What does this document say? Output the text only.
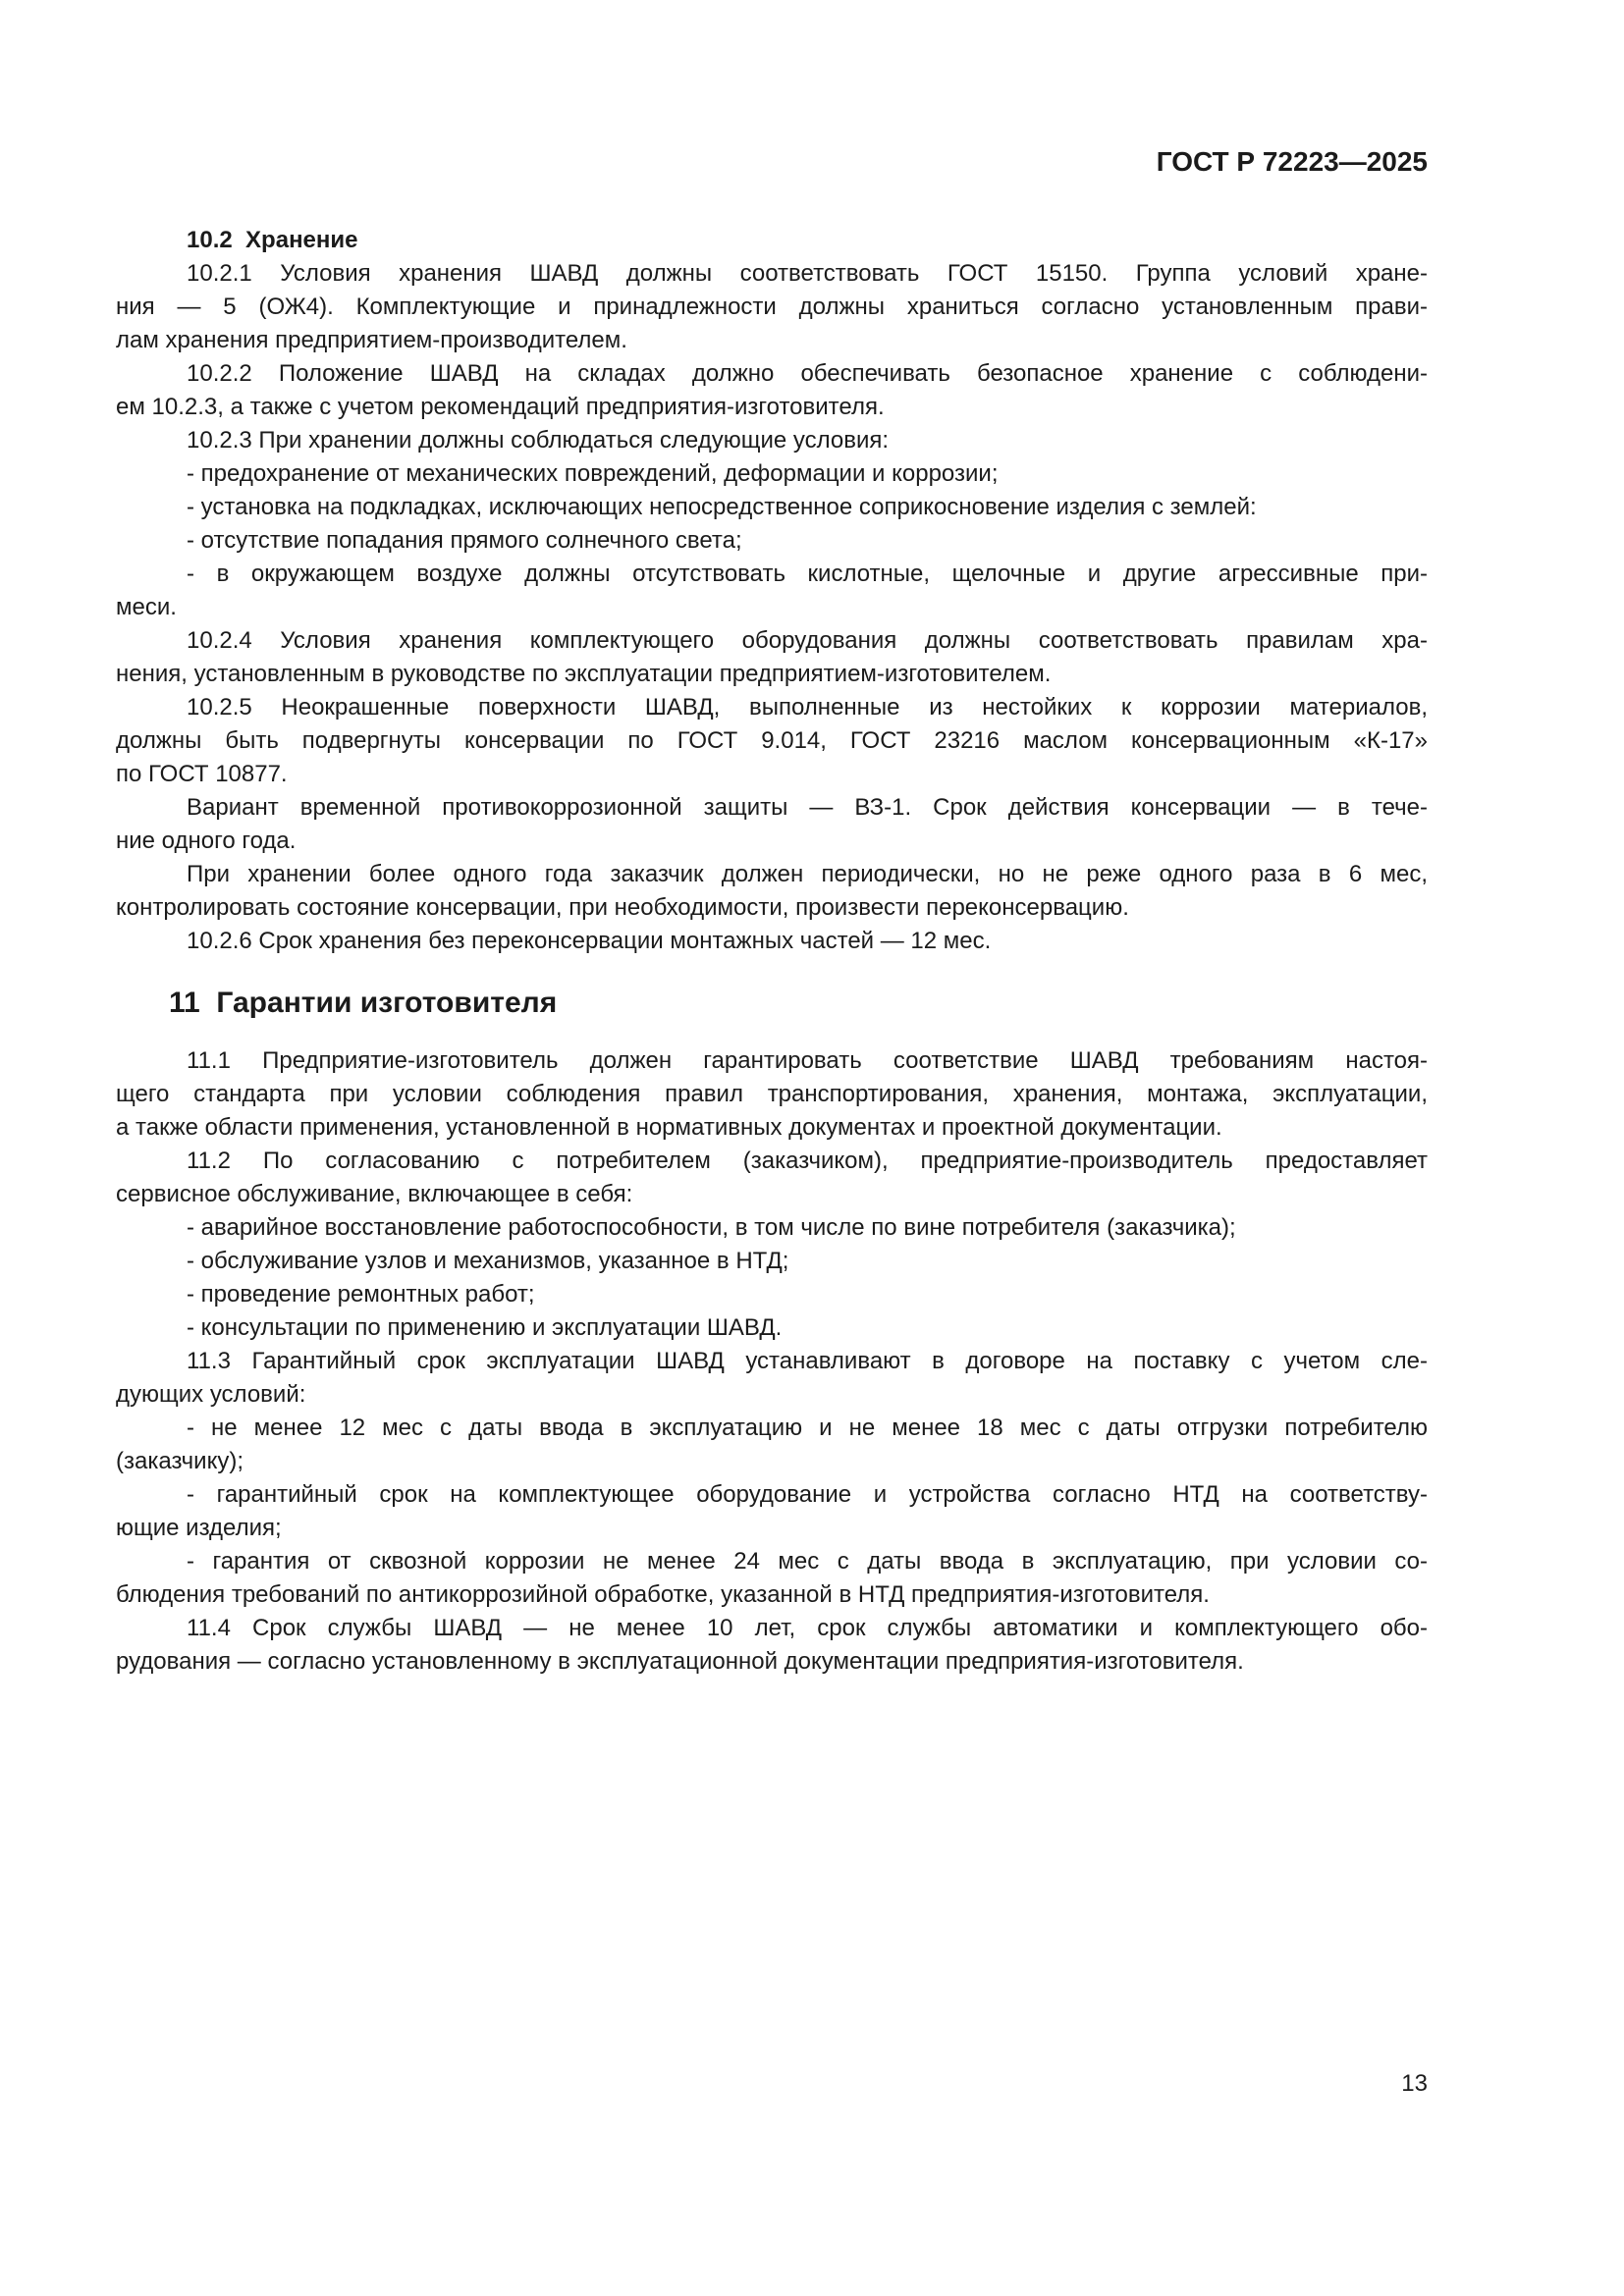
ГОСТ Р 72223—2025
10.2  Хранение
10.2.1 Условия хранения ШАВД должны соответствовать ГОСТ 15150. Группа условий хране-
ния — 5 (ОЖ4). Комплектующие и принадлежности должны храниться согласно установленным прави-
лам хранения предприятием-производителем.
10.2.2 Положение ШАВД на складах должно обеспечивать безопасное хранение с соблюдени-
ем 10.2.3, а также с учетом рекомендаций предприятия-изготовителя.
10.2.3 При хранении должны соблюдаться следующие условия:
- предохранение от механических повреждений, деформации и коррозии;
- установка на подкладках, исключающих непосредственное соприкосновение изделия с землей:
- отсутствие попадания прямого солнечного света;
- в окружающем воздухе должны отсутствовать кислотные, щелочные и другие агрессивные при-
меси.
10.2.4 Условия хранения комплектующего оборудования должны соответствовать правилам хра-
нения, установленным в руководстве по эксплуатации предприятием-изготовителем.
10.2.5 Неокрашенные поверхности ШАВД, выполненные из нестойких к коррозии материалов,
должны быть подвергнуты консервации по ГОСТ 9.014, ГОСТ 23216 маслом консервационным «К-17»
по ГОСТ 10877.
Вариант временной противокоррозионной защиты — ВЗ-1. Срок действия консервации — в тече-
ние одного года.
При хранении более одного года заказчик должен периодически, но не реже одного раза в 6 мес,
контролировать состояние консервации, при необходимости, произвести переконсервацию.
10.2.6 Срок хранения без переконсервации монтажных частей — 12 мес.
11  Гарантии изготовителя
11.1 Предприятие-изготовитель должен гарантировать соответствие ШАВД требованиям настоя-
щего стандарта при условии соблюдения правил транспортирования, хранения, монтажа, эксплуатации,
а также области применения, установленной в нормативных документах и проектной документации.
11.2 По согласованию с потребителем (заказчиком), предприятие-производитель предоставляет
сервисное обслуживание, включающее в себя:
- аварийное восстановление работоспособности, в том числе по вине потребителя (заказчика);
- обслуживание узлов и механизмов, указанное в НТД;
- проведение ремонтных работ;
- консультации по применению и эксплуатации ШАВД.
11.3 Гарантийный срок эксплуатации ШАВД устанавливают в договоре на поставку с учетом сле-
дующих условий:
- не менее 12 мес с даты ввода в эксплуатацию и не менее 18 мес с даты отгрузки потребителю
(заказчику);
- гарантийный срок на комплектующее оборудование и устройства согласно НТД на соответству-
ющие изделия;
- гарантия от сквозной коррозии не менее 24 мес с даты ввода в эксплуатацию, при условии со-
блюдения требований по антикоррозийной обработке, указанной в НТД предприятия-изготовителя.
11.4 Срок службы ШАВД — не менее 10 лет, срок службы автоматики и комплектующего обо-
рудования — согласно установленному в эксплуатационной документации предприятия-изготовителя.
13
